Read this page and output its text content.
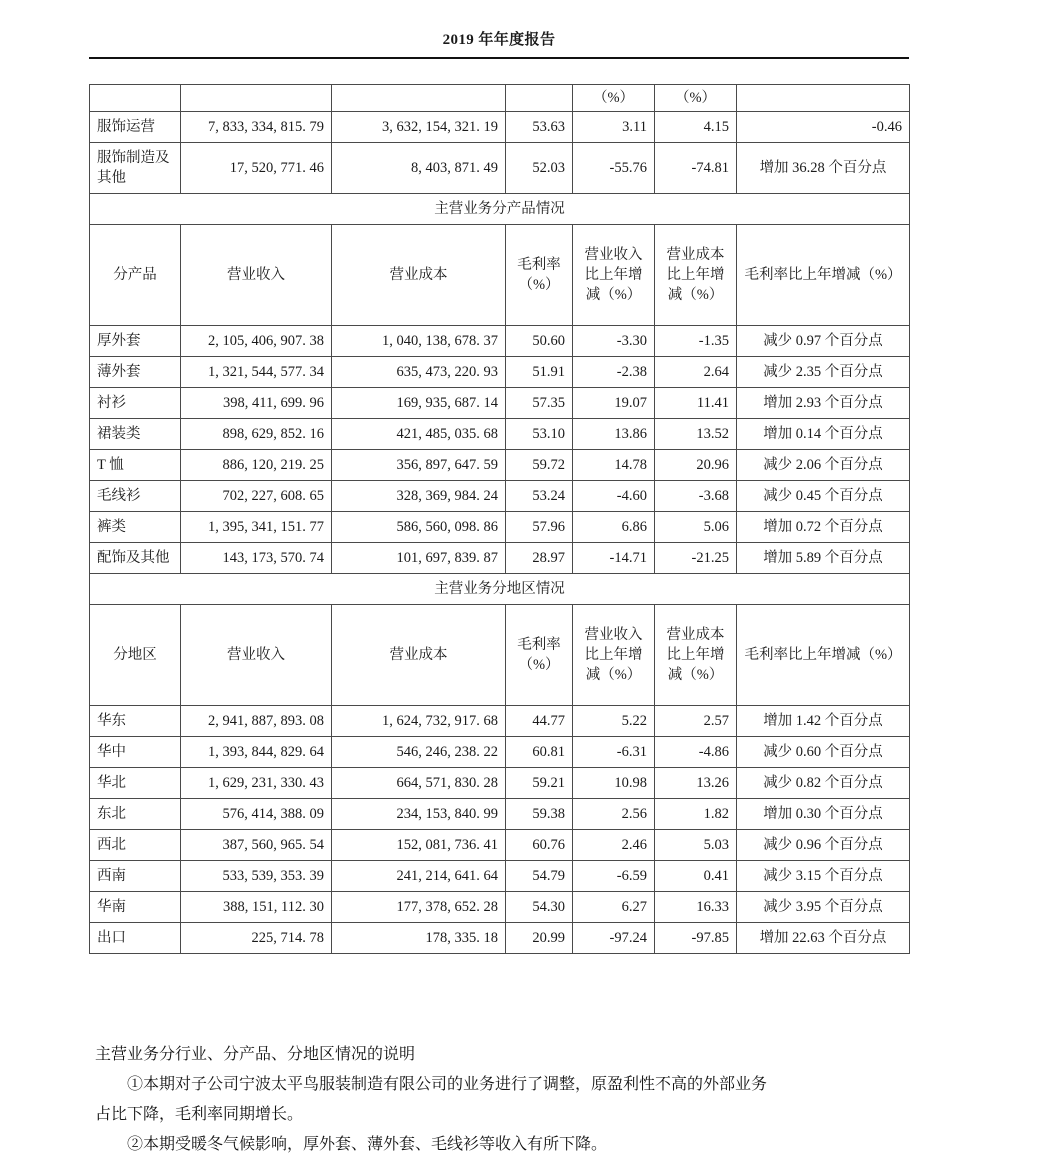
2019 年年度报告
				（%）	（%）	
服饰运营	7, 833, 334, 815. 79	3, 632, 154, 321. 19	53.63	3.11	4.15	-0.46
服饰制造及其他	17, 520, 771. 46	8, 403, 871. 49	52.03	-55.76	-74.81	增加 36.28 个百分点
主营业务分产品情况						
分产品	营业收入	营业成本	毛利率（%）	营业收入比上年增减（%）	营业成本比上年增减（%）	毛利率比上年增减（%）
厚外套	2, 105, 406, 907. 38	1, 040, 138, 678. 37	50.60	-3.30	-1.35	减少 0.97 个百分点
薄外套	1, 321, 544, 577. 34	635, 473, 220. 93	51.91	-2.38	2.64	减少 2.35 个百分点
衬衫	398, 411, 699. 96	169, 935, 687. 14	57.35	19.07	11.41	增加 2.93 个百分点
裙装类	898, 629, 852. 16	421, 485, 035. 68	53.10	13.86	13.52	增加 0.14 个百分点
T 恤	886, 120, 219. 25	356, 897, 647. 59	59.72	14.78	20.96	减少 2.06 个百分点
毛线衫	702, 227, 608. 65	328, 369, 984. 24	53.24	-4.60	-3.68	减少 0.45 个百分点
裤类	1, 395, 341, 151. 77	586, 560, 098. 86	57.96	6.86	5.06	增加 0.72 个百分点
配饰及其他	143, 173, 570. 74	101, 697, 839. 87	28.97	-14.71	-21.25	增加 5.89 个百分点
主营业务分地区情况						
分地区	营业收入	营业成本	毛利率（%）	营业收入比上年增减（%）	营业成本比上年增减（%）	毛利率比上年增减（%）
华东	2, 941, 887, 893. 08	1, 624, 732, 917. 68	44.77	5.22	2.57	增加 1.42 个百分点
华中	1, 393, 844, 829. 64	546, 246, 238. 22	60.81	-6.31	-4.86	减少 0.60 个百分点
华北	1, 629, 231, 330. 43	664, 571, 830. 28	59.21	10.98	13.26	减少 0.82 个百分点
东北	576, 414, 388. 09	234, 153, 840. 99	59.38	2.56	1.82	增加 0.30 个百分点
西北	387, 560, 965. 54	152, 081, 736. 41	60.76	2.46	5.03	减少 0.96 个百分点
西南	533, 539, 353. 39	241, 214, 641. 64	54.79	-6.59	0.41	减少 3.15 个百分点
华南	388, 151, 112. 30	177, 378, 652. 28	54.30	6.27	16.33	减少 3.95 个百分点
出口	225, 714. 78	178, 335. 18	20.99	-97.24	-97.85	增加 22.63 个百分点

主营业务分行业、分产品、分地区情况的说明

①本期对子公司宁波太平鸟服装制造有限公司的业务进行了调整，原盈利性不高的外部业务

占比下降，毛利率同期增长。

②本期受暖冬气候影响，厚外套、薄外套、毛线衫等收入有所下降。
